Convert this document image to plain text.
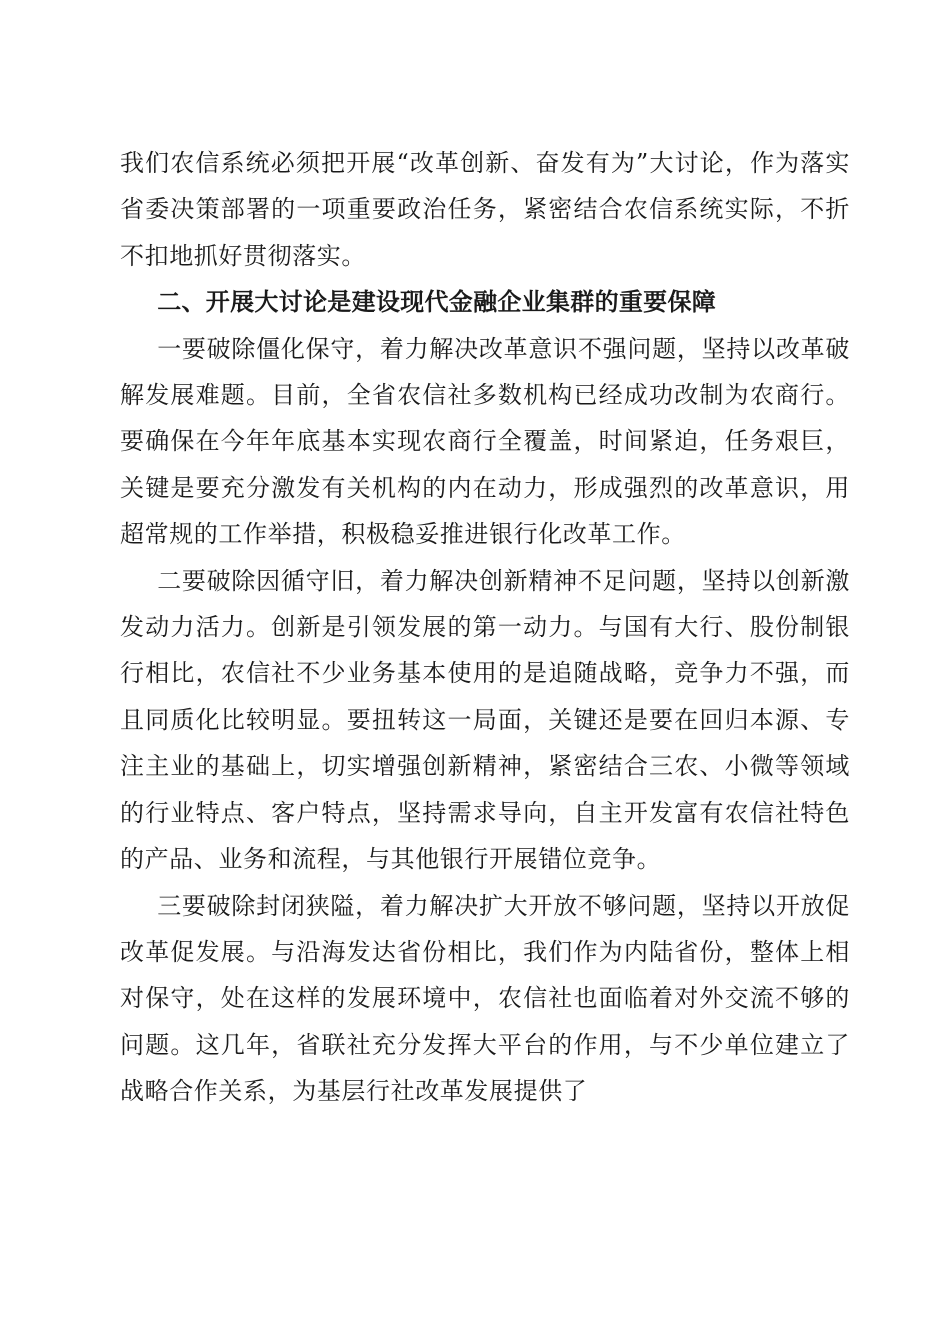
我们农信系统必须把开展“改革创新、奋发有为”大讨论，作为落实省委决策部署的一项重要政治任务，紧密结合农信系统实际，不折不扣地抓好贯彻落实。

二、开展大讨论是建设现代金融企业集群的重要保障

一要破除僵化保守，着力解决改革意识不强问题，坚持以改革破解发展难题。目前，全省农信社多数机构已经成功改制为农商行。要确保在今年年底基本实现农商行全覆盖，时间紧迫，任务艰巨，关键是要充分激发有关机构的内在动力，形成强烈的改革意识，用超常规的工作举措，积极稳妥推进银行化改革工作。

二要破除因循守旧，着力解决创新精神不足问题，坚持以创新激发动力活力。创新是引领发展的第一动力。与国有大行、股份制银行相比，农信社不少业务基本使用的是追随战略，竞争力不强，而且同质化比较明显。要扭转这一局面，关键还是要在回归本源、专注主业的基础上，切实增强创新精神，紧密结合三农、小微等领域的行业特点、客户特点，坚持需求导向，自主开发富有农信社特色的产品、业务和流程，与其他银行开展错位竞争。

三要破除封闭狭隘，着力解决扩大开放不够问题，坚持以开放促改革促发展。与沿海发达省份相比，我们作为内陆省份，整体上相对保守，处在这样的发展环境中，农信社也面临着对外交流不够的问题。这几年，省联社充分发挥大平台的作用，与不少单位建立了战略合作关系，为基层行社改革发展提供了
